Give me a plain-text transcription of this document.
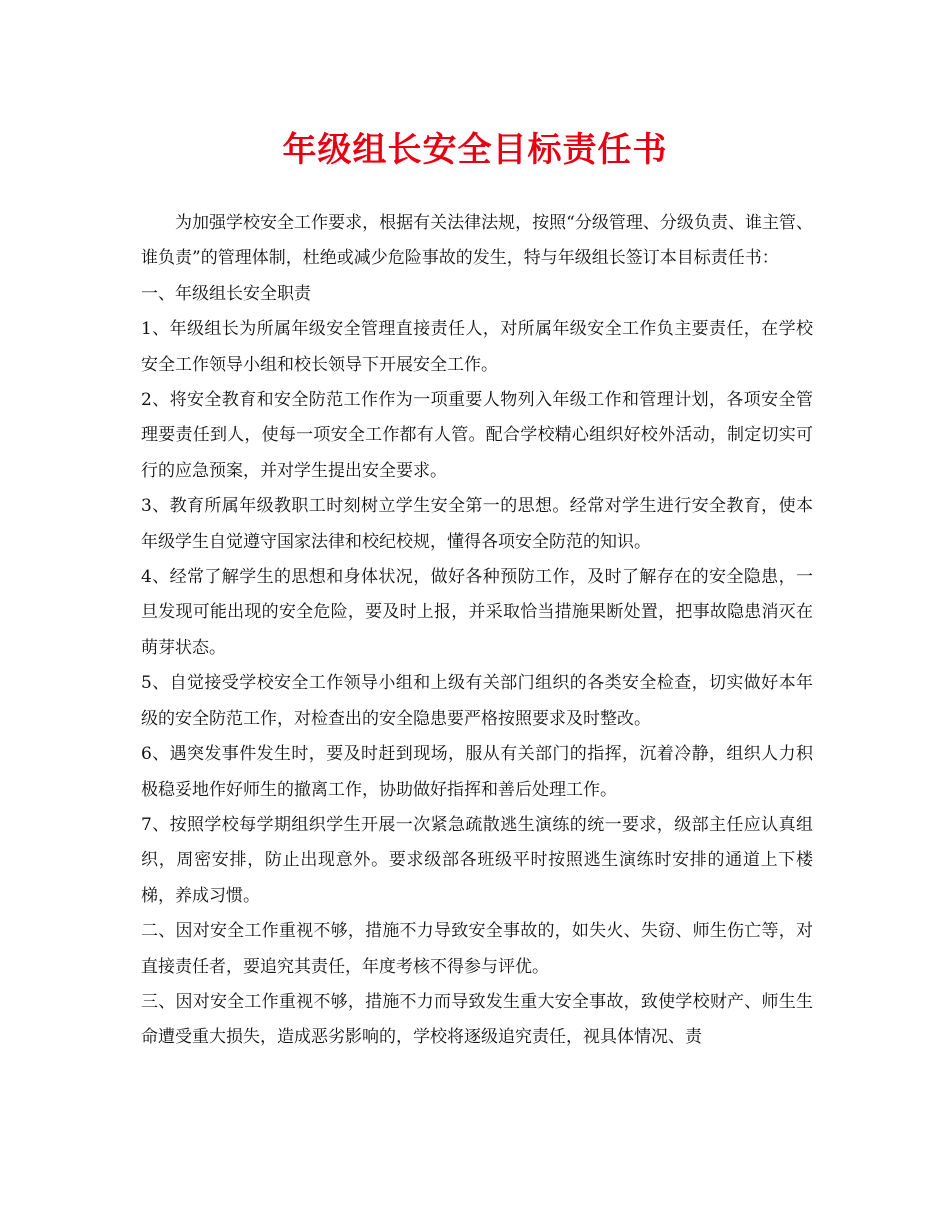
年级组长安全目标责任书

为加强学校安全工作要求，根据有关法律法规，按照“分级管理、分级负责、谁主管、谁负责”的管理体制，杜绝或减少危险事故的发生，特与年级组长签订本目标责任书：

一、年级组长安全职责

1、年级组长为所属年级安全管理直接责任人，对所属年级安全工作负主要责任，在学校安全工作领导小组和校长领导下开展安全工作。

2、将安全教育和安全防范工作作为一项重要人物列入年级工作和管理计划，各项安全管理要责任到人，使每一项安全工作都有人管。配合学校精心组织好校外活动，制定切实可行的应急预案，并对学生提出安全要求。

3、教育所属年级教职工时刻树立学生安全第一的思想。经常对学生进行安全教育，使本年级学生自觉遵守国家法律和校纪校规，懂得各项安全防范的知识。

4、经常了解学生的思想和身体状况，做好各种预防工作，及时了解存在的安全隐患，一旦发现可能出现的安全危险，要及时上报，并采取恰当措施果断处置，把事故隐患消灭在萌芽状态。

5、自觉接受学校安全工作领导小组和上级有关部门组织的各类安全检查，切实做好本年级的安全防范工作，对检查出的安全隐患要严格按照要求及时整改。

6、遇突发事件发生时，要及时赶到现场，服从有关部门的指挥，沉着冷静，组织人力积极稳妥地作好师生的撤离工作，协助做好指挥和善后处理工作。

7、按照学校每学期组织学生开展一次紧急疏散逃生演练的统一要求，级部主任应认真组织，周密安排，防止出现意外。要求级部各班级平时按照逃生演练时安排的通道上下楼梯，养成习惯。

二、因对安全工作重视不够，措施不力导致安全事故的，如失火、失窃、师生伤亡等，对直接责任者，要追究其责任，年度考核不得参与评优。

三、因对安全工作重视不够，措施不力而导致发生重大安全事故，致使学校财产、师生生命遭受重大损失，造成恶劣影响的，学校将逐级追究责任，视具体情况、责
